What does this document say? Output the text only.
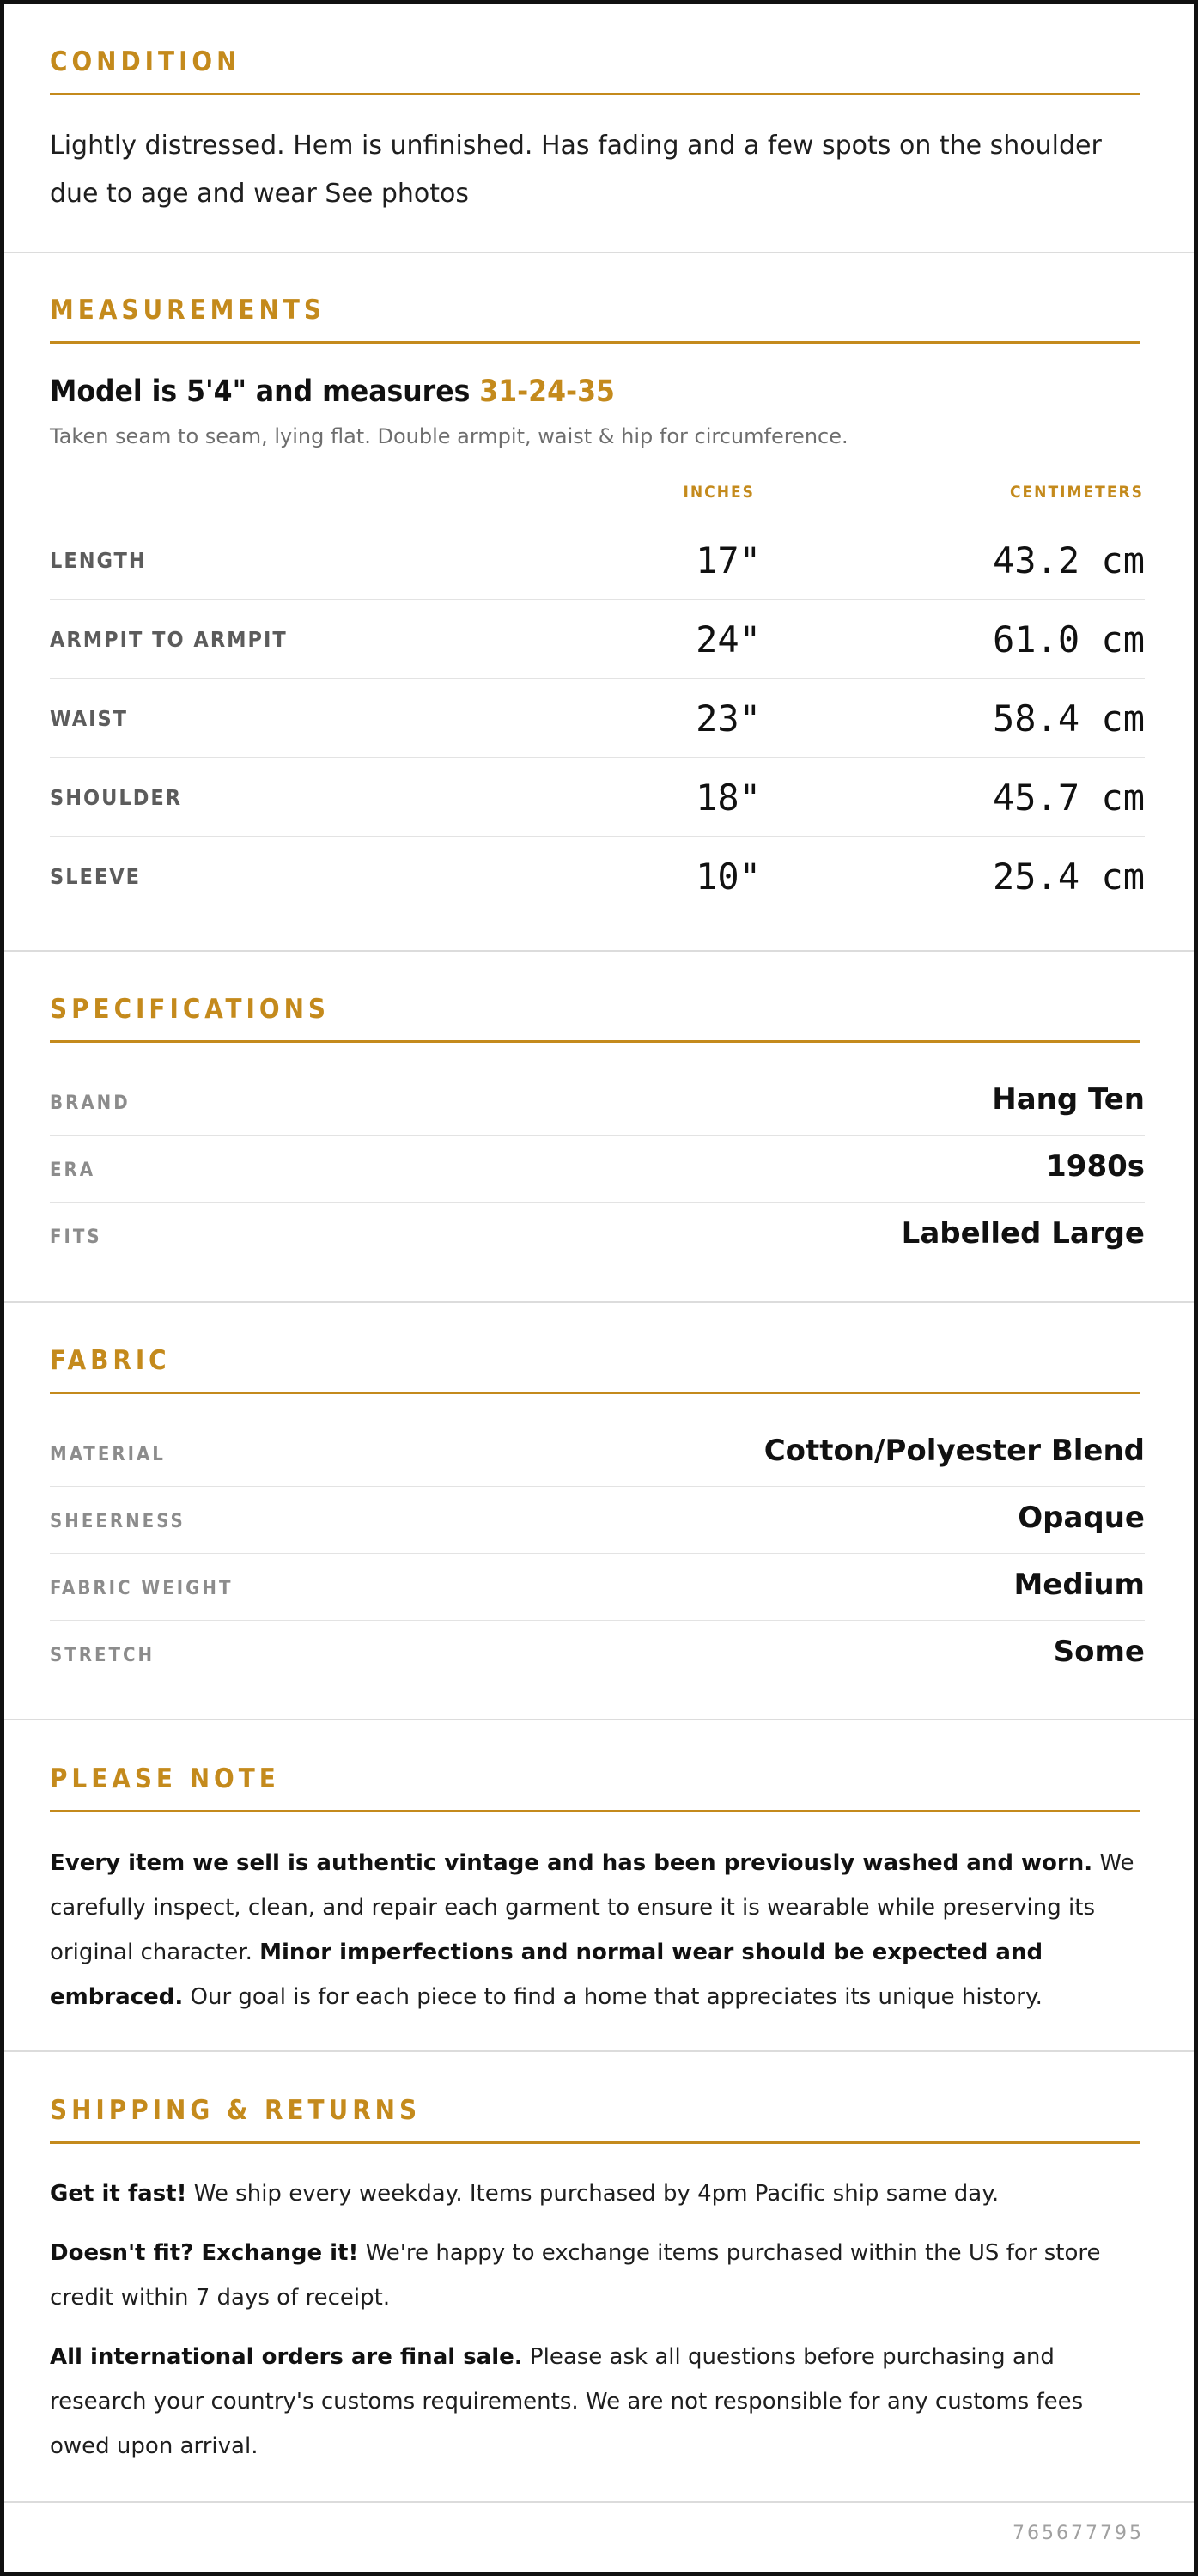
CONDITION
Lightly distressed. Hem is unfinished. Has fading and a few spots on the shoulder due to age and wear See photos
MEASUREMENTS
Model is 5'4" and measures 31-24-35
Taken seam to seam, lying flat. Double armpit, waist & hip for circumference.
INCHES	CENTIMETERS
LENGTH	17"	43.2 cm
ARMPIT TO ARMPIT	24"	61.0 cm
WAIST	23"	58.4 cm
SHOULDER	18"	45.7 cm
SLEEVE	10"	25.4 cm
SPECIFICATIONS
BRAND	Hang Ten
ERA	1980s
FITS	Labelled Large
FABRIC
MATERIAL	Cotton/Polyester Blend
SHEERNESS	Opaque
FABRIC WEIGHT	Medium
STRETCH	Some
PLEASE NOTE
Every item we sell is authentic vintage and has been previously washed and worn. We carefully inspect, clean, and repair each garment to ensure it is wearable while preserving its original character. Minor imperfections and normal wear should be expected and embraced. Our goal is for each piece to find a home that appreciates its unique history.
SHIPPING & RETURNS
Get it fast! We ship every weekday. Items purchased by 4pm Pacific ship same day.
Doesn't fit? Exchange it! We're happy to exchange items purchased within the US for store credit within 7 days of receipt.
All international orders are final sale. Please ask all questions before purchasing and research your country's customs requirements. We are not responsible for any customs fees owed upon arrival.
765677795
